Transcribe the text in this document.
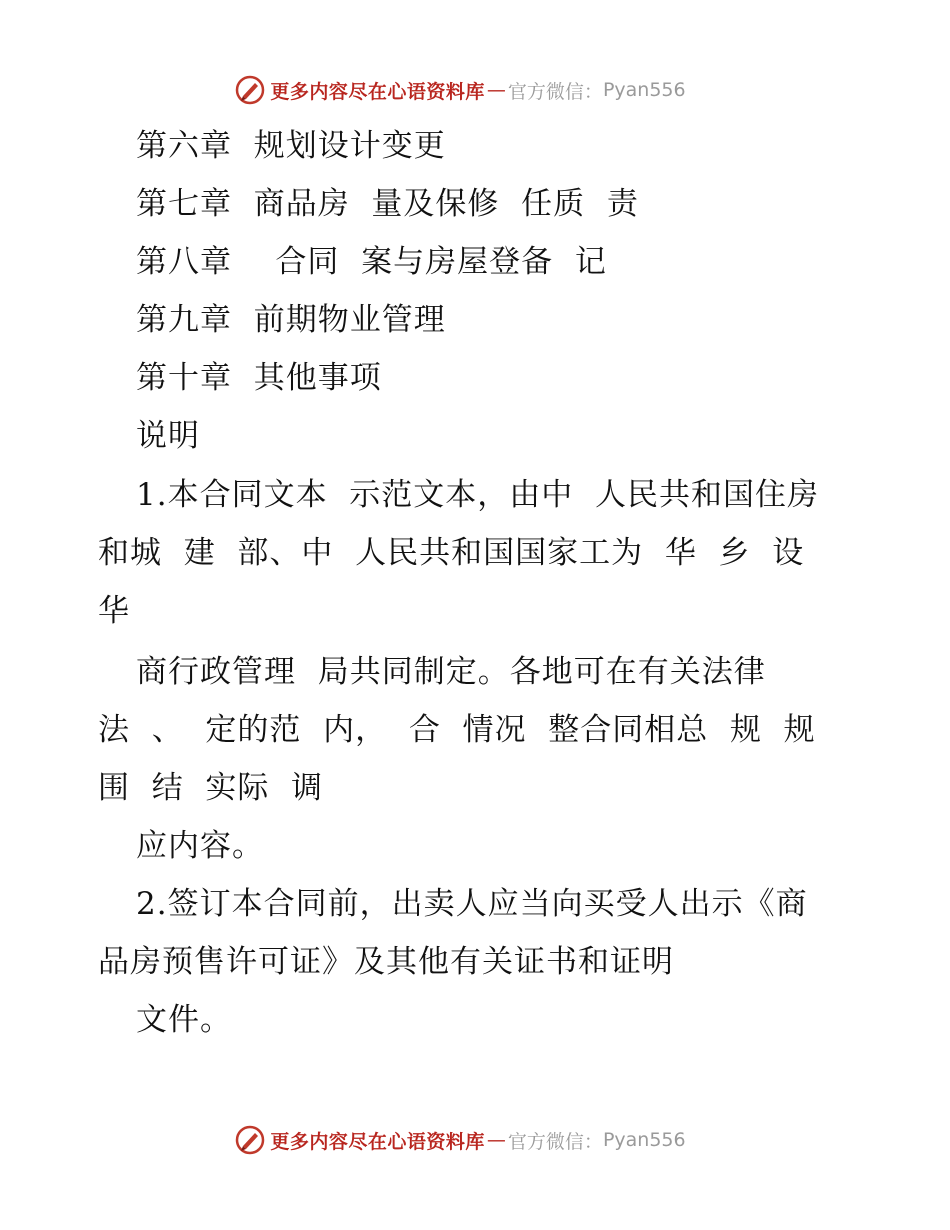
更多内容尽在心语资料库 — 官方微信： Pyan556
第六章  规划设计变更
第七章  商品房  量及保修  任质  责
第八章    合同  案与房屋登备  记
第九章  前期物业管理
第十章  其他事项
说明
1.本合同文本  示范文本，由中  人民共和国住房
和城  建  部、中  人民共和国国家工为  华  乡  设
华
商行政管理  局共同制定。各地可在有关法律
法  、  定的范  内，  合  情况  整合同相总  规  规
围  结  实际  调
应内容。
2.签订本合同前，出卖人应当向买受人出示《商
品房预售许可证》及其他有关证书和证明
文件。
更多内容尽在心语资料库 — 官方微信： Pyan556
